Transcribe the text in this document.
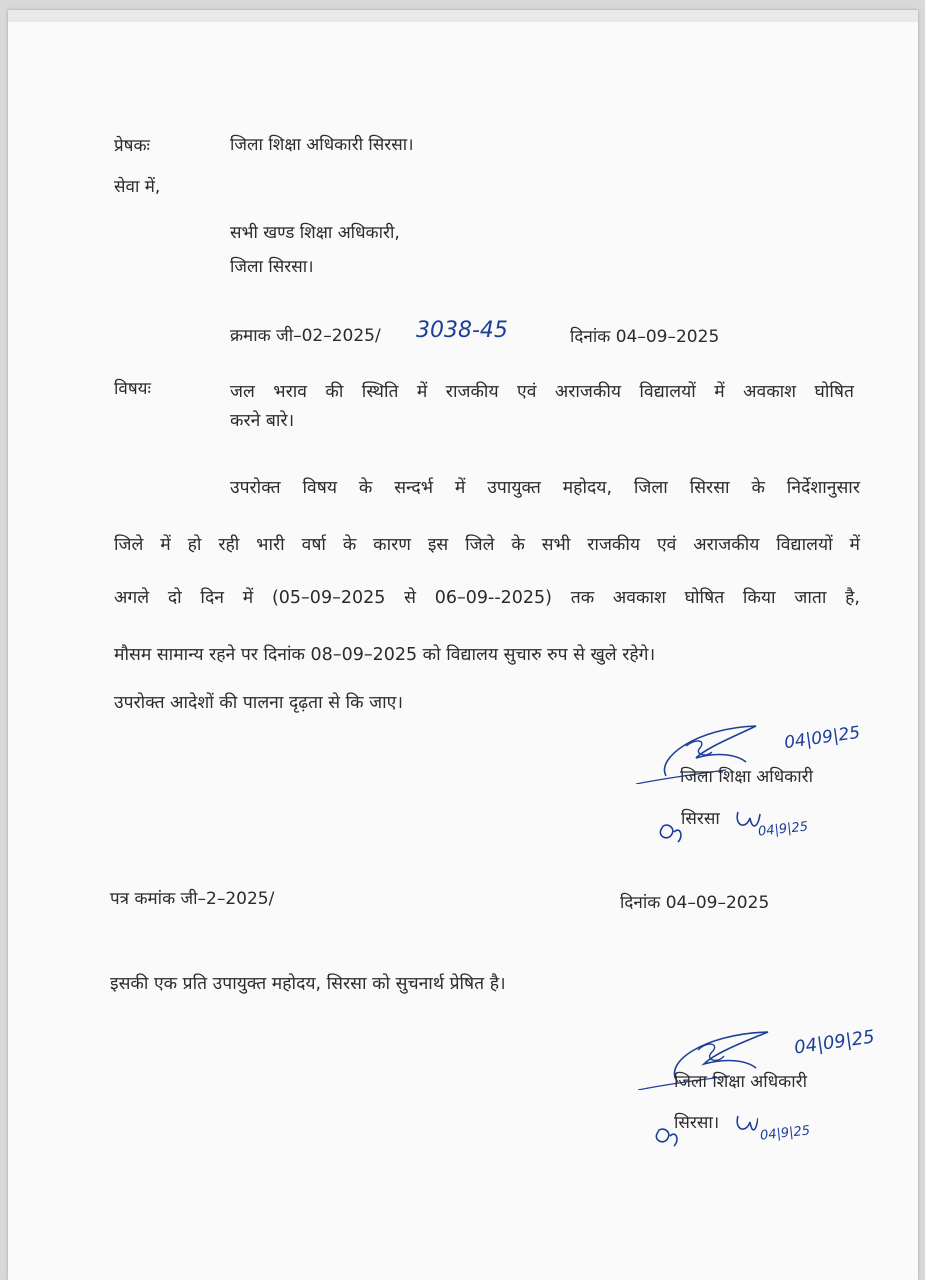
प्रेषकः	जिला शिक्षा अधिकारी सिरसा।
सेवा में,
सभी खण्ड शिक्षा अधिकारी,
जिला सिरसा।
क्रमाक जी–02–2025/ 3038-45	दिनांक 04–09–2025
विषयः	जल भराव की स्थिति में राजकीय एवं अराजकीय विद्यालयों में अवकाश घोषित
करने बारे।
उपरोक्त विषय के सन्दर्भ में उपायुक्त महोदय, जिला सिरसा के निर्देशानुसार
जिले में हो रही भारी वर्षा के कारण इस जिले के सभी राजकीय एवं अराजकीय विद्यालयों में
अगले दो दिन में (05–09–2025 से 06–09--2025) तक अवकाश घोषित किया जाता है,
मौसम सामान्य रहने पर दिनांक 08–09–2025 को विद्यालय सुचारु रुप से खुले रहेगे।
उपरोक्त आदेशों की पालना दृढ़ता से कि जाए।
04|09|25
जिला शिक्षा अधिकारी
सिरसा
04|9|25
पत्र कमांक जी–2–2025/	दिनांक 04–09–2025
इसकी एक प्रति उपायुक्त महोदय, सिरसा को सुचनार्थ प्रेषित है।
04|09|25
जिला शिक्षा अधिकारी
सिरसा।
04|9|25
